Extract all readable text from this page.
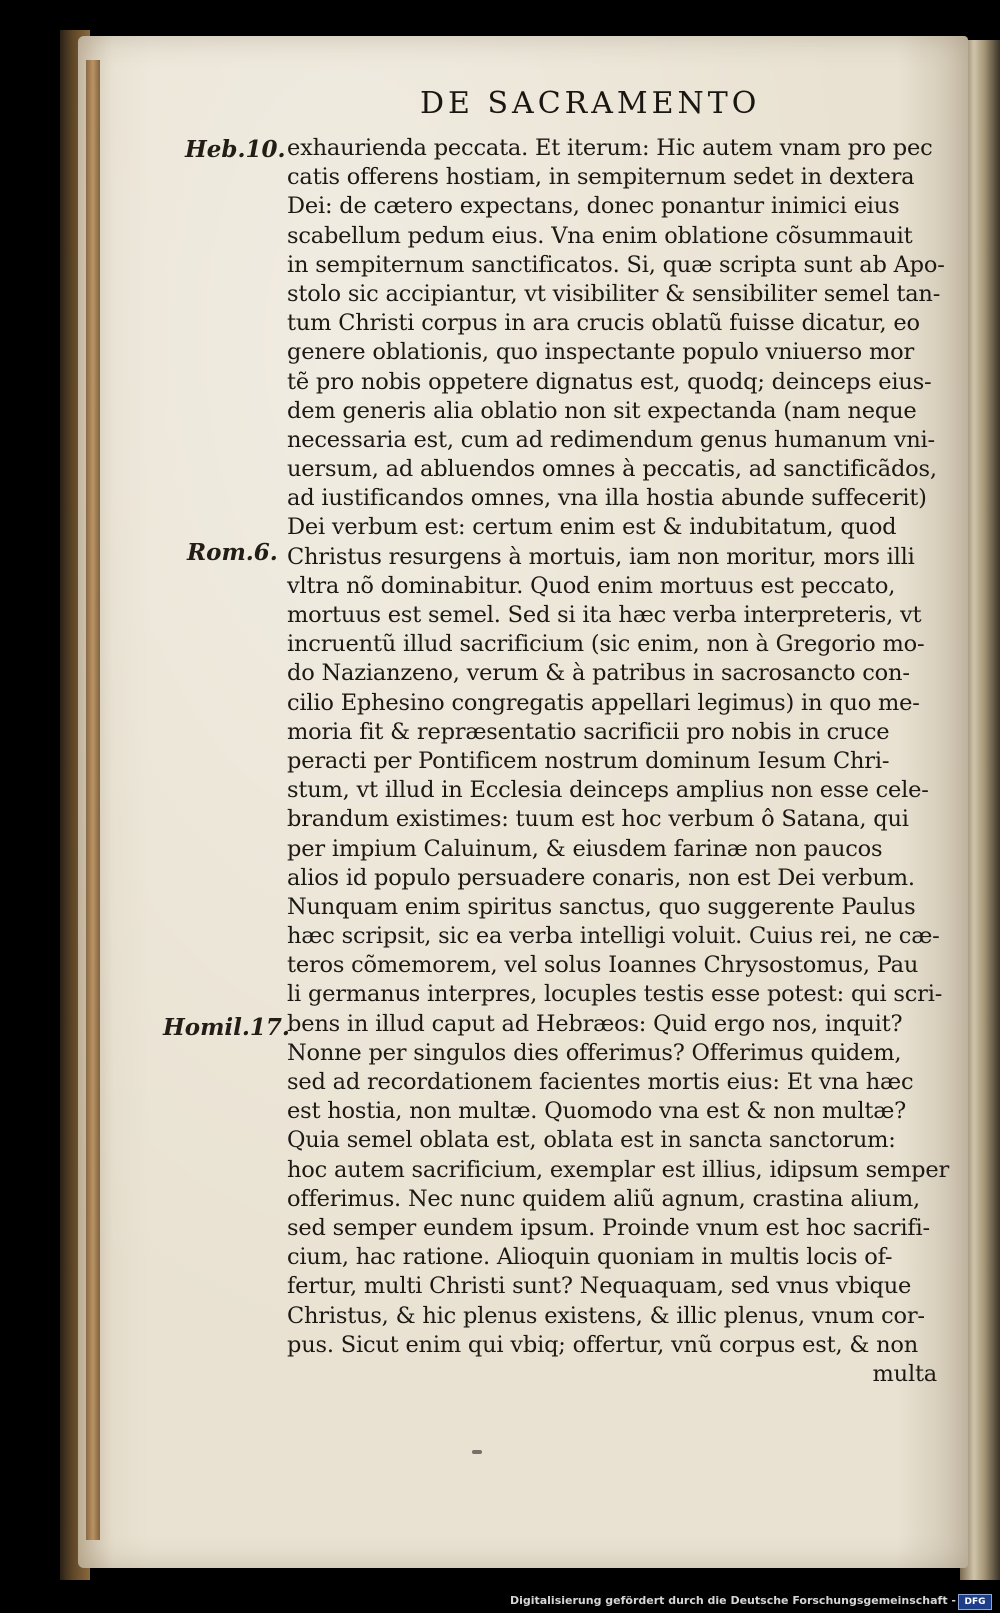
DE SACRAMENTO
Heb.10.
Rom.6.
Homil.17.
exhaurienda peccata. Et iterum: Hic autem vnam pro pec
catis offerens hostiam, in sempiternum sedet in dextera
Dei: de cætero expectans, donec ponantur inimici eius
scabellum pedum eius. Vna enim oblatione cõsummauit
in sempiternum sanctificatos. Si, quæ scripta sunt ab Apo-
stolo sic accipiantur, vt visibiliter & sensibiliter semel tan-
tum Christi corpus in ara crucis oblatũ fuisse dicatur, eo
genere oblationis, quo inspectante populo vniuerso mor
tẽ pro nobis oppetere dignatus est, quodq; deinceps eius-
dem generis alia oblatio non sit expectanda (nam neque
necessaria est, cum ad redimendum genus humanum vni-
uersum, ad abluendos omnes à peccatis, ad sanctificãdos,
ad iustificandos omnes, vna illa hostia abunde suffecerit)
Dei verbum est: certum enim est & indubitatum, quod
Christus resurgens à mortuis, iam non moritur, mors illi
vltra nõ dominabitur. Quod enim mortuus est peccato,
mortuus est semel. Sed si ita hæc verba interpreteris, vt
incruentũ illud sacrificium (sic enim, non à Gregorio mo-
do Nazianzeno, verum & à patribus in sacrosancto con-
cilio Ephesino congregatis appellari legimus) in quo me-
moria fit & repræsentatio sacrificii pro nobis in cruce
peracti per Pontificem nostrum dominum Iesum Chri-
stum, vt illud in Ecclesia deinceps amplius non esse cele-
brandum existimes: tuum est hoc verbum ô Satana, qui
per impium Caluinum, & eiusdem farinæ non paucos
alios id populo persuadere conaris, non est Dei verbum.
Nunquam enim spiritus sanctus, quo suggerente Paulus
hæc scripsit, sic ea verba intelligi voluit. Cuius rei, ne cæ-
teros cõmemorem, vel solus Ioannes Chrysostomus, Pau
li germanus interpres, locuples testis esse potest: qui scri-
bens in illud caput ad Hebræos: Quid ergo nos, inquit?
Nonne per singulos dies offerimus? Offerimus quidem,
sed ad recordationem facientes mortis eius: Et vna hæc
est hostia, non multæ. Quomodo vna est & non multæ?
Quia semel oblata est, oblata est in sancta sanctorum:
hoc autem sacrificium, exemplar est illius, idipsum semper
offerimus. Nec nunc quidem aliũ agnum, crastina alium,
sed semper eundem ipsum. Proinde vnum est hoc sacrifi-
cium, hac ratione. Alioquin quoniam in multis locis of-
fertur, multi Christi sunt? Nequaquam, sed vnus vbique
Christus, & hic plenus existens, & illic plenus, vnum cor-
pus. Sicut enim qui vbiq; offertur, vnũ corpus est, & non
multa
Digitalisierung gefördert durch die Deutsche Forschungsgemeinschaft - DFG
